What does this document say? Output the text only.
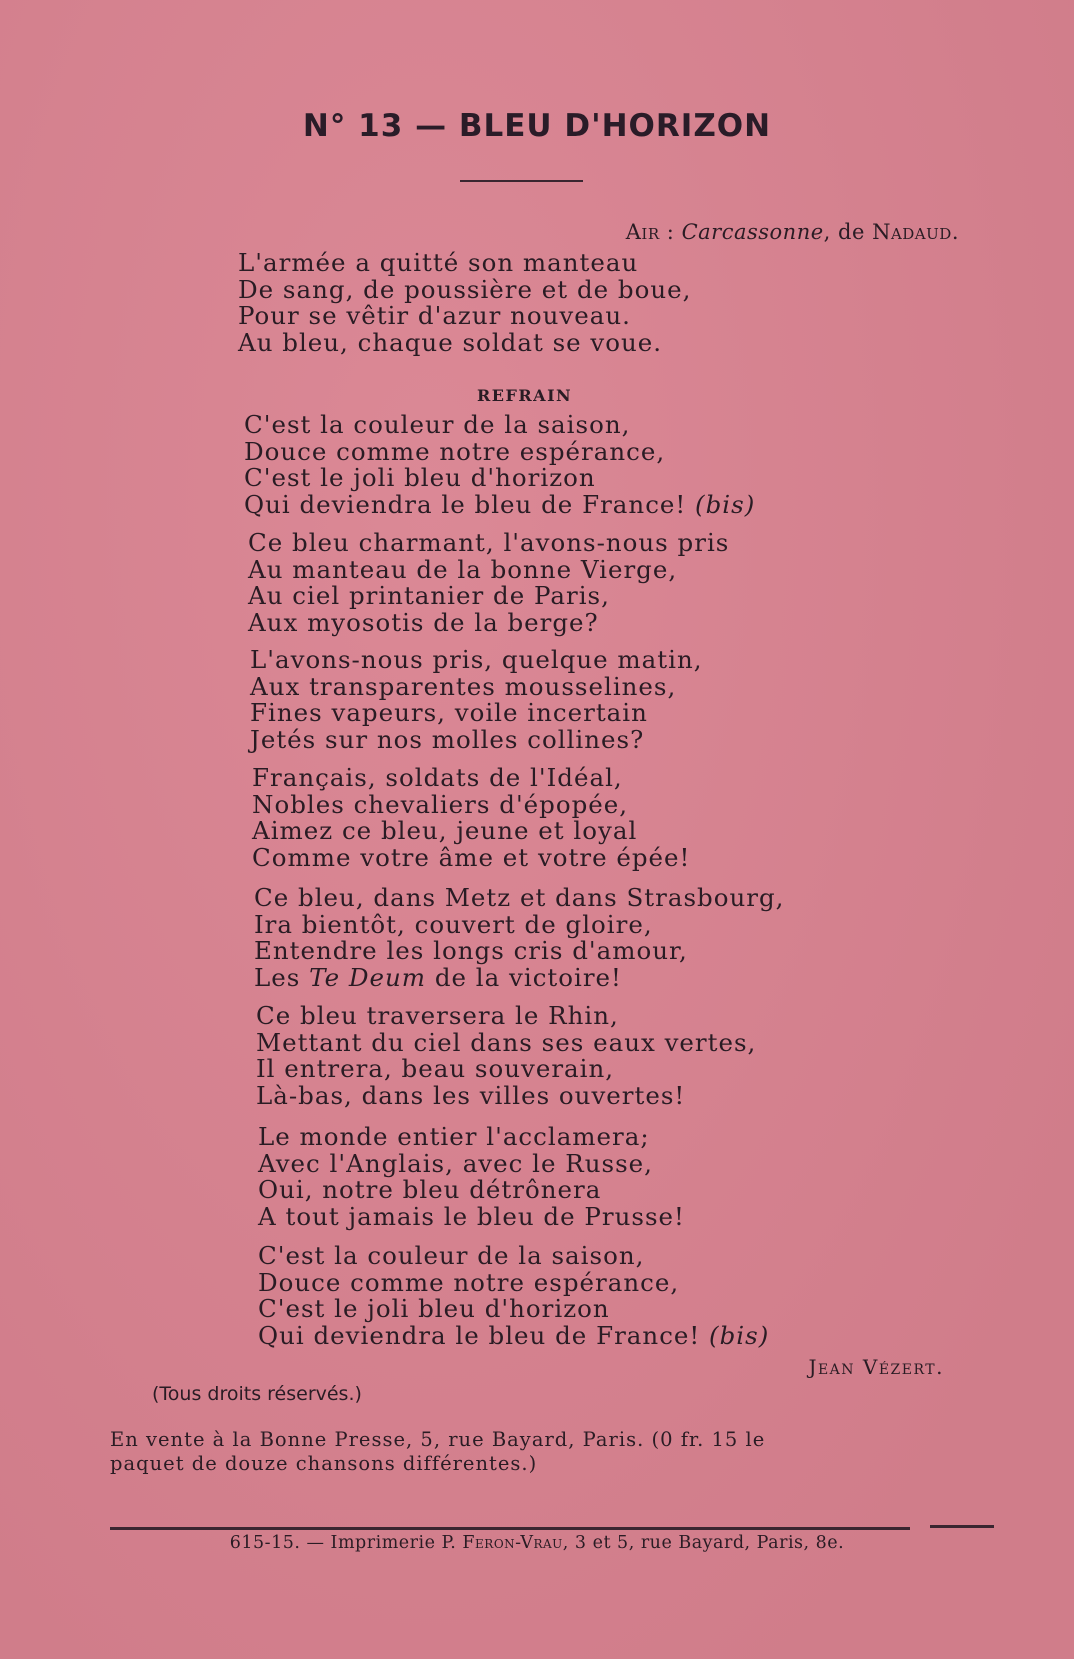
N° 13 — BLEU D'HORIZON
Air : Carcassonne, de Nadaud.
L'armée a quitté son manteau
De sang, de poussière et de boue,
Pour se vêtir d'azur nouveau.
Au bleu, chaque soldat se voue.
REFRAIN
C'est la couleur de la saison,
Douce comme notre espérance,
C'est le joli bleu d'horizon
Qui deviendra le bleu de France! (bis)
Ce bleu charmant, l'avons-nous pris
Au manteau de la bonne Vierge,
Au ciel printanier de Paris,
Aux myosotis de la berge?
L'avons-nous pris, quelque matin,
Aux transparentes mousselines,
Fines vapeurs, voile incertain
Jetés sur nos molles collines?
Français, soldats de l'Idéal,
Nobles chevaliers d'épopée,
Aimez ce bleu, jeune et loyal
Comme votre âme et votre épée!
Ce bleu, dans Metz et dans Strasbourg,
Ira bientôt, couvert de gloire,
Entendre les longs cris d'amour,
Les Te Deum de la victoire!
Ce bleu traversera le Rhin,
Mettant du ciel dans ses eaux vertes,
Il entrera, beau souverain,
Là-bas, dans les villes ouvertes!
Le monde entier l'acclamera;
Avec l'Anglais, avec le Russe,
Oui, notre bleu détrônera
A tout jamais le bleu de Prusse!
C'est la couleur de la saison,
Douce comme notre espérance,
C'est le joli bleu d'horizon
Qui deviendra le bleu de France! (bis)
Jean Vézert.
(Tous droits réservés.)
En vente à la Bonne Presse, 5, rue Bayard, Paris. (0 fr. 15 le
paquet de douze chansons différentes.)
615-15. — Imprimerie P. Feron-Vrau, 3 et 5, rue Bayard, Paris, 8e.
